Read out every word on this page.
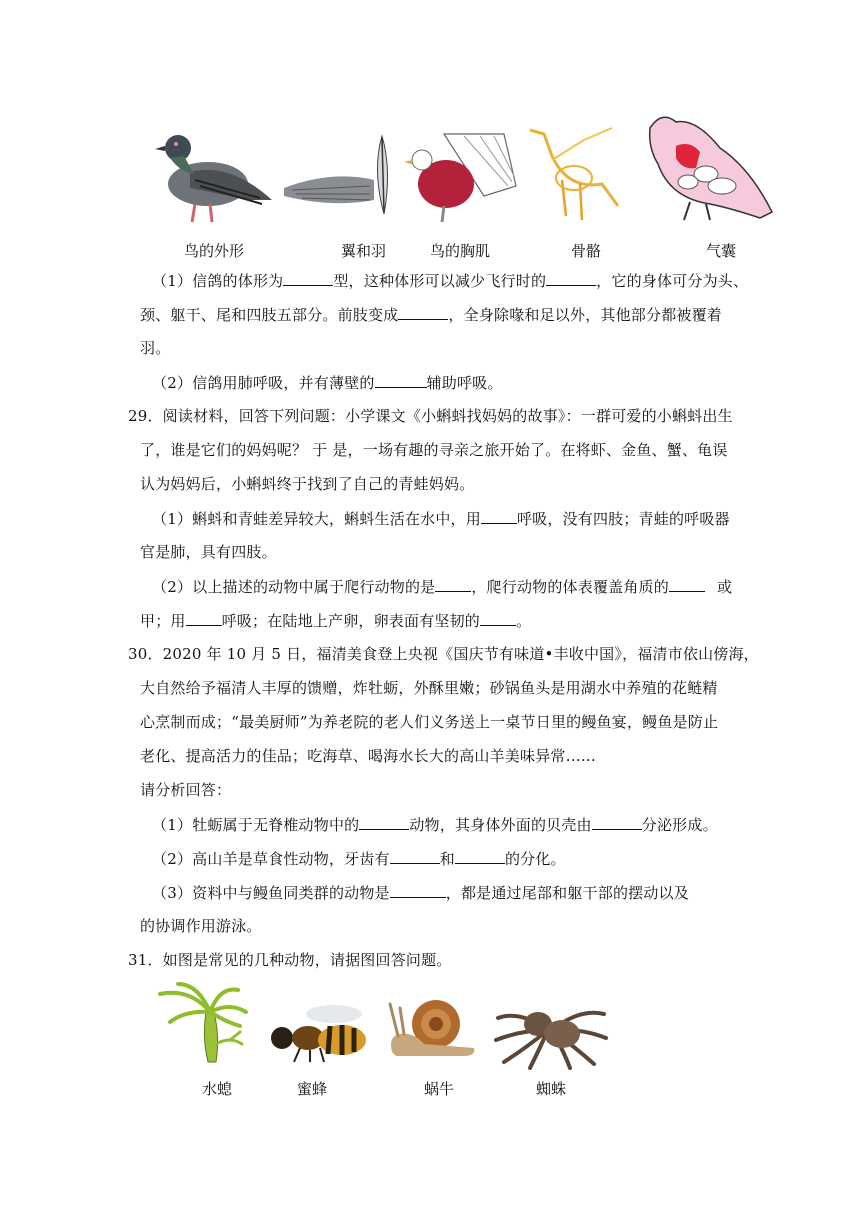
鸟的外形	翼和羽	鸟的胸肌	骨骼	气囊
（1）信鸽的体形为	型，这种体形可以减少飞行时的	，它的身体可分为头、
颈、躯干、尾和四肢五部分。前肢变成	，全身除喙和足以外，其他部分都被覆着
羽。
（2）信鸽用肺呼吸，并有薄壁的	辅助呼吸。
29．阅读材料，回答下列问题：小学课文《小蝌蚪找妈妈的故事》：一群可爱的小蝌蚪出生
了，谁是它们的妈妈呢？ 于 是，一场有趣的寻亲之旅开始了。在将虾、金鱼、蟹、龟误
认为妈妈后，小蝌蚪终于找到了自己的青蛙妈妈。
（1）蝌蚪和青蛙差异较大，蝌蚪生活在水中，用 呼吸，没有四肢；青蛙的呼吸器
官是肺，具有四肢。
（2）以上描述的动物中属于爬行动物的是 ，爬行动物的体表覆盖角质的	或
甲；用 呼吸；在陆地上产卵，卵表面有坚韧的 。
30．2020 年 10 月 5 日，福清美食登上央视《国庆节有味道•丰收中国》，福清市依山傍海，
大自然给予福清人丰厚的馈赠，炸牡蛎，外酥里嫩；砂锅鱼头是用湖水中养殖的花鲢精
心烹制而成；“最美厨师”为养老院的老人们义务送上一桌节日里的鳗鱼宴，鳗鱼是防止
老化、提高活力的佳品；吃海草、喝海水长大的高山羊美味异常……
请分析回答：
（1）牡蛎属于无脊椎动物中的	动物，其身体外面的贝壳由	分泌形成。
（2）高山羊是草食性动物，牙齿有	和	的分化。
（3）资料中与鳗鱼同类群的动物是	，都是通过尾部和躯干部的摆动以及
的协调作用游泳。
31．如图是常见的几种动物，请据图回答问题。
水螅	蜜蜂	蜗牛	蜘蛛
